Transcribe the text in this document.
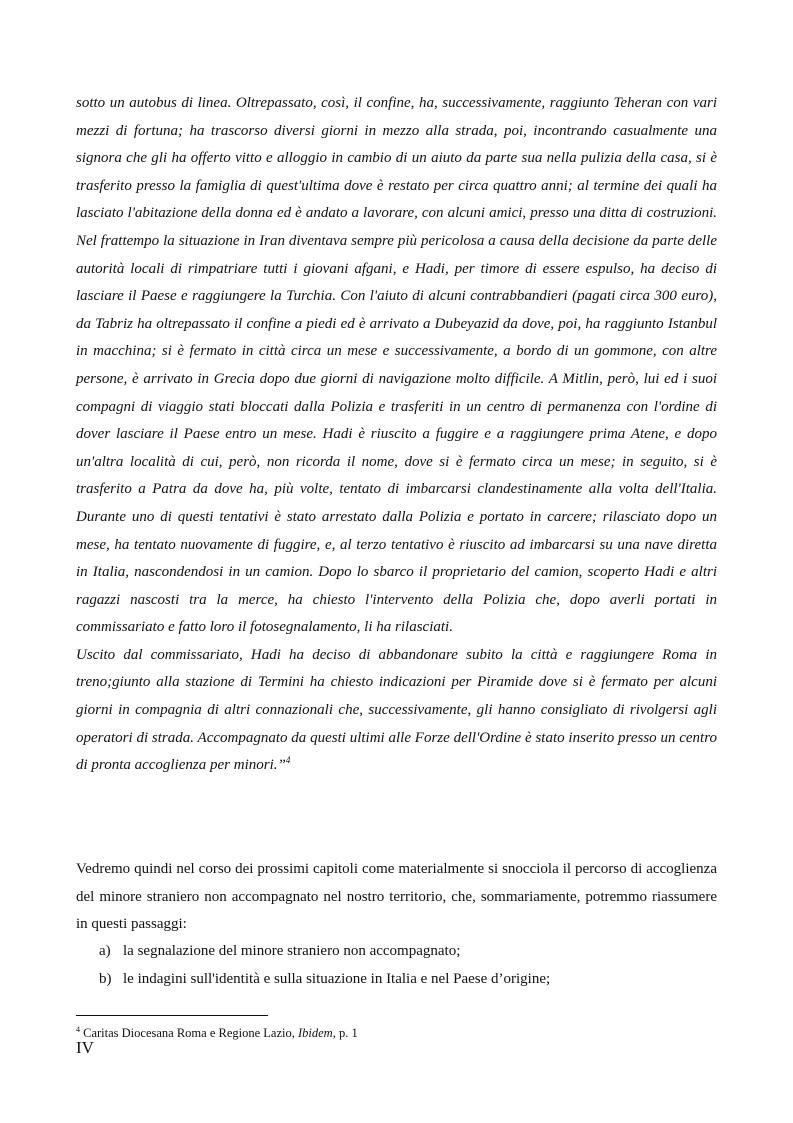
sotto un autobus di linea. Oltrepassato, così, il confine, ha, successivamente, raggiunto Teheran con vari mezzi di fortuna; ha trascorso diversi giorni in mezzo alla strada, poi, incontrando casualmente una signora che gli ha offerto vitto e alloggio in cambio di un aiuto da parte sua nella pulizia della casa, si è trasferito presso la famiglia di quest'ultima dove è restato per circa quattro anni; al termine dei quali ha lasciato l'abitazione della donna ed è andato a lavorare, con alcuni amici, presso una ditta di costruzioni. Nel frattempo la situazione in Iran diventava sempre più pericolosa a causa della decisione da parte delle autorità locali di rimpatriare tutti i giovani afgani, e Hadi, per timore di essere espulso, ha deciso di lasciare il Paese e raggiungere la Turchia. Con l'aiuto di alcuni contrabbandieri (pagati circa 300 euro), da Tabriz ha oltrepassato il confine a piedi ed è arrivato a Dubeyazid da dove, poi, ha raggiunto Istanbul in macchina; si è fermato in città circa un mese e successivamente, a bordo di un gommone, con altre persone, è arrivato in Grecia dopo due giorni di navigazione molto difficile. A Mitlin, però, lui ed i suoi compagni di viaggio stati bloccati dalla Polizia e trasferiti in un centro di permanenza con l'ordine di dover lasciare il Paese entro un mese. Hadi è riuscito a fuggire e a raggiungere prima Atene, e dopo un'altra località di cui, però, non ricorda il nome, dove si è fermato circa un mese; in seguito, si è trasferito a Patra da dove ha, più volte, tentato di imbarcarsi clandestinamente alla volta dell'Italia. Durante uno di questi tentativi è stato arrestato dalla Polizia e portato in carcere; rilasciato dopo un mese, ha tentato nuovamente di fuggire, e, al terzo tentativo è riuscito ad imbarcarsi su una nave diretta in Italia, nascondendosi in un camion. Dopo lo sbarco il proprietario del camion, scoperto Hadi e altri ragazzi nascosti tra la merce, ha chiesto l'intervento della Polizia che, dopo averli portati in commissariato e fatto loro il fotosegnalamento, li ha rilasciati.

Uscito dal commissariato, Hadi ha deciso di abbandonare subito la città e raggiungere Roma in treno;giunto alla stazione di Termini ha chiesto indicazioni per Piramide dove si è fermato per alcuni giorni in compagnia di altri connazionali che, successivamente, gli hanno consigliato di rivolgersi agli operatori di strada. Accompagnato da questi ultimi alle Forze dell'Ordine è stato inserito presso un centro di pronta accoglienza per minori.”$^4$

Vedremo quindi nel corso dei prossimi capitoli come materialmente si snocciola il percorso di accoglienza del minore straniero non accompagnato nel nostro territorio, che, sommariamente, potremmo riassumere in questi passaggi:

a) la segnalazione del minore straniero non accompagnato;
b) le indagini sull'identità e sulla situazione in Italia e nel Paese d’origine;
$^4$ Caritas Diocesana Roma e Regione Lazio, Ibidem, p. 1
IV
